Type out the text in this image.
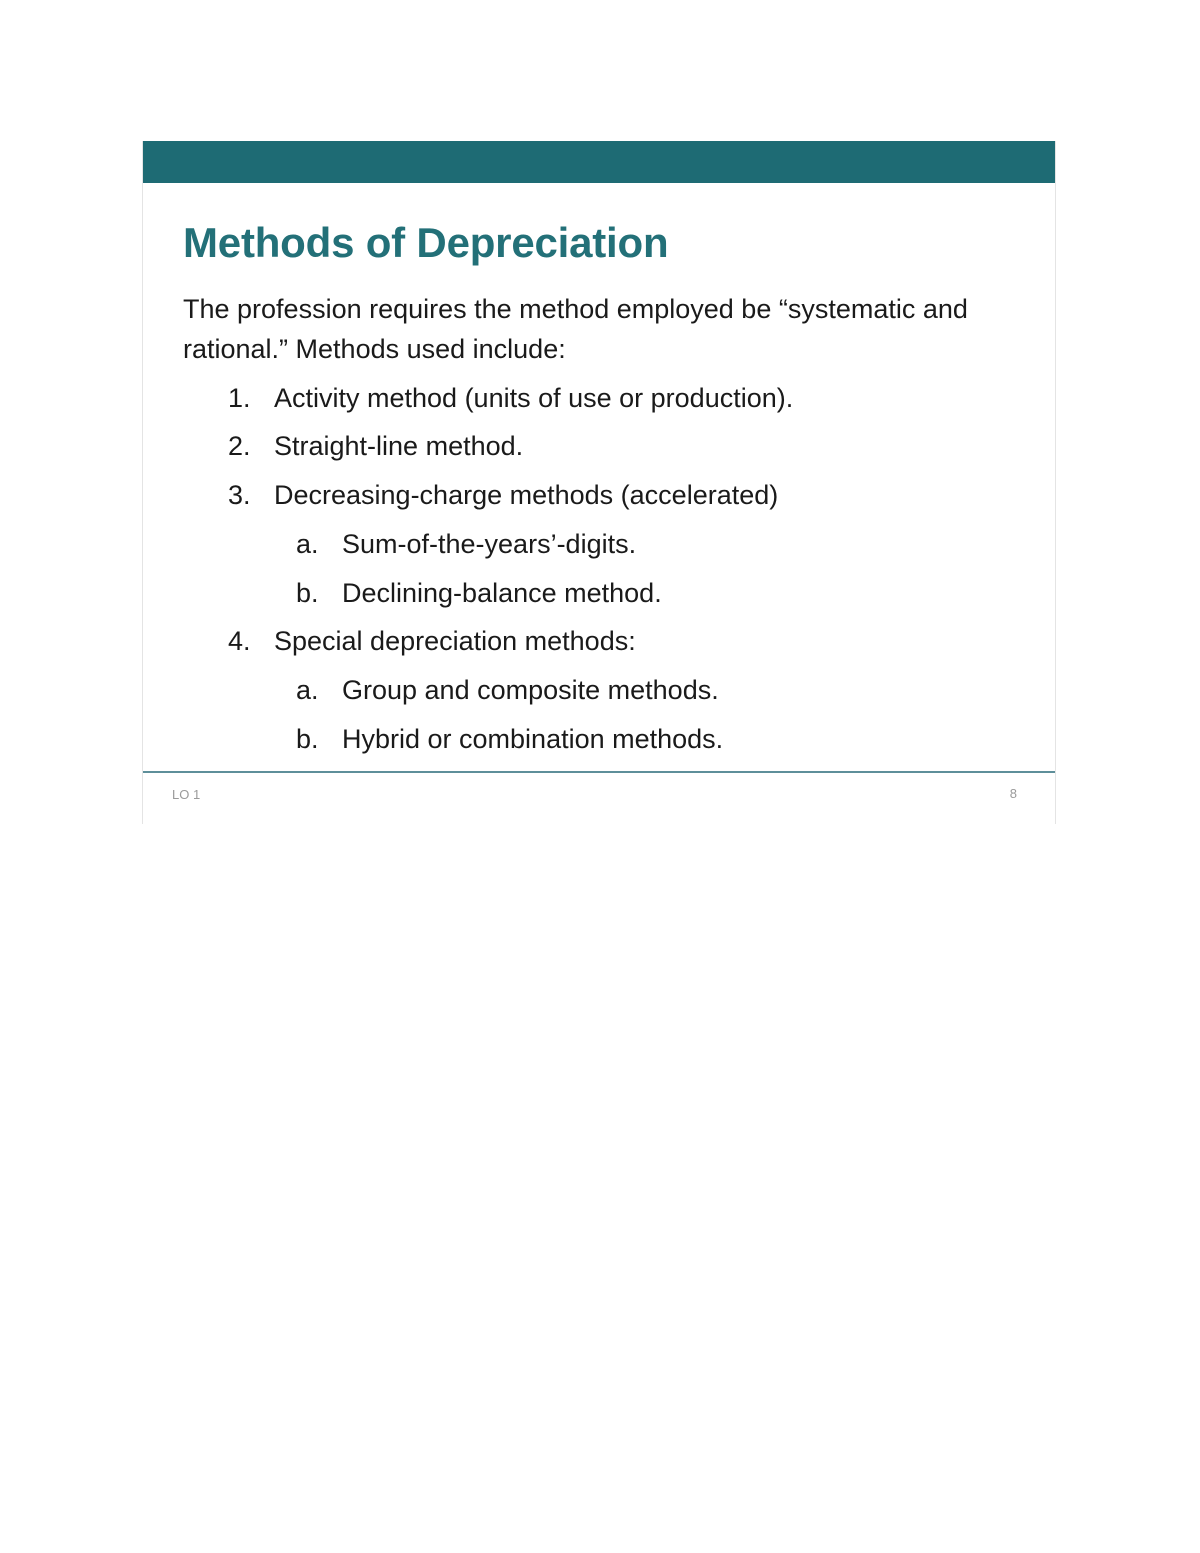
Methods of Depreciation

The profession requires the method employed be “systematic and rational.” Methods used include:

1. Activity method (units of use or production).
2. Straight-line method.
3. Decreasing-charge methods (accelerated)
a. Sum-of-the-years’-digits.
b. Declining-balance method.
4. Special depreciation methods:
a. Group and composite methods.
b. Hybrid or combination methods.
LO 1	8
